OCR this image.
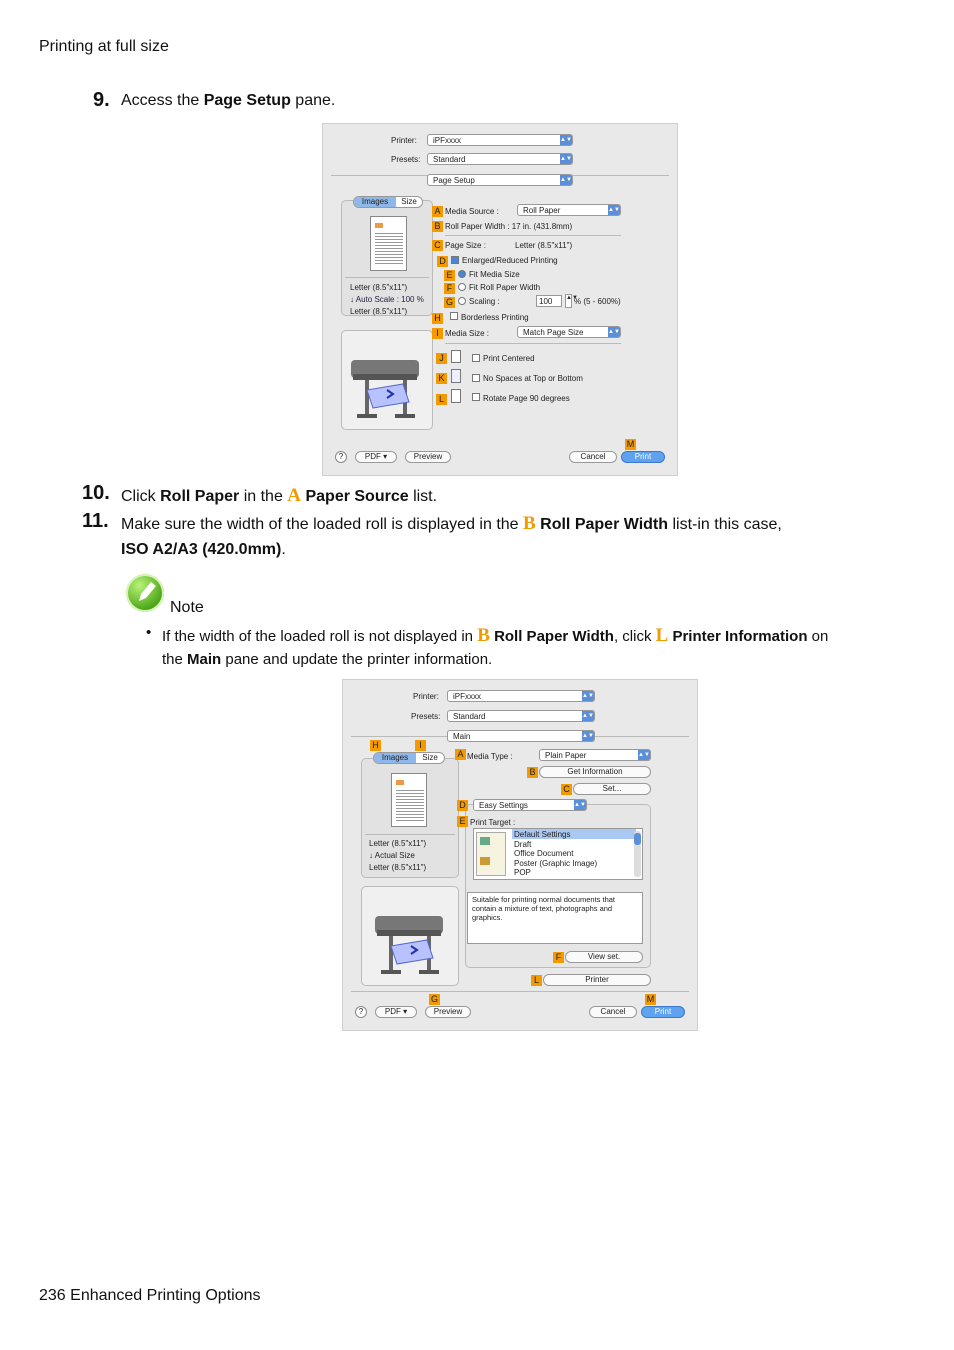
Printing at full size
9. Access the Page Setup pane.
Printer:	iPFxxxx	▲▼
Presets:	Standard	▲▼
Page Setup	▲▼
Images	Size
Letter (8.5"x11")
↓ Auto Scale : 100 %
Letter (8.5"x11")
A Media Source :	Roll Paper	▲▼
B Roll Paper Width : 17 in. (431.8mm)
C Page Size :	Letter (8.5"x11")
D Enlarged/Reduced Printing
E	Fit Media Size
F	Fit Roll Paper Width
G Scaling :	100	▲▼
% (5 - 600%)
H	Borderless Printing
I Media Size :	Match Page Size	▲▼
J	Print Centered
K	No Spaces at Top or Bottom
L	Rotate Page 90 degrees
M
?	PDF ▾	Preview	Cancel	Print
10. Click Roll Paper in the A Paper Source list.
11. Make sure the width of the loaded roll is displayed in the B Roll Paper Width list-in this case,
ISO A2/A3 (420.0mm).
Note
• If the width of the loaded roll is not displayed in B Roll Paper Width, click L Printer Information on
the Main pane and update the printer information.
Printer:	iPFxxxx	▲▼
Presets:	Standard	▲▼
Main	▲▼
H	I
Images	Size
Letter (8.5"x11")
↓ Actual Size
Letter (8.5"x11")
A Media Type :	Plain Paper	▲▼
B	Get Information
C	Set...
D	Easy Settings	▲▼
E Print Target :
Default Settings
Draft
Office Document
Poster (Graphic Image)
POP
Suitable for printing normal documents that contain a mixture of text, photographs and graphics.
F	View set.
L	Printer
G	M
?	PDF ▾	Preview	Cancel	Print
236 Enhanced Printing Options
